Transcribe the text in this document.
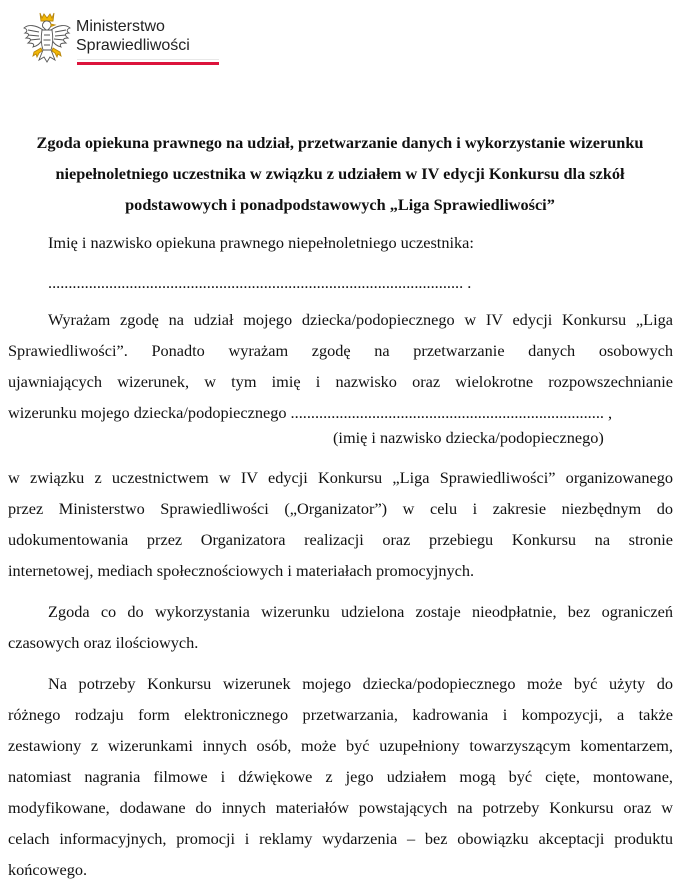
Ministerstwo
Sprawiedliwości
Zgoda opiekuna prawnego na udział, przetwarzanie danych i wykorzystanie wizerunku
niepełnoletniego uczestnika w związku z udziałem w IV edycji Konkursu dla szkół
podstawowych i ponadpodstawowych „Liga Sprawiedliwości”
Imię i nazwisko opiekuna prawnego niepełnoletniego uczestnika:
...................................................................................................... .
Wyrażam zgodę na udział mojego dziecka/podopiecznego w IV edycji Konkursu „Liga
Sprawiedliwości”. Ponadto wyrażam zgodę na przetwarzanie danych osobowych
ujawniających wizerunek, w tym imię i nazwisko oraz wielokrotne rozpowszechnianie
wizerunku mojego dziecka/podopiecznego ............................................................................. ,
(imię i nazwisko dziecka/podopiecznego)
w związku z uczestnictwem w IV edycji Konkursu „Liga Sprawiedliwości” organizowanego
przez Ministerstwo Sprawiedliwości („Organizator”) w celu i zakresie niezbędnym do
udokumentowania przez Organizatora realizacji oraz przebiegu Konkursu na stronie
internetowej, mediach społecznościowych i materiałach promocyjnych.
Zgoda co do wykorzystania wizerunku udzielona zostaje nieodpłatnie, bez ograniczeń
czasowych oraz ilościowych.
Na potrzeby Konkursu wizerunek mojego dziecka/podopiecznego może być użyty do
różnego rodzaju form elektronicznego przetwarzania, kadrowania i kompozycji, a także
zestawiony z wizerunkami innych osób, może być uzupełniony towarzyszącym komentarzem,
natomiast nagrania filmowe i dźwiękowe z jego udziałem mogą być cięte, montowane,
modyfikowane, dodawane do innych materiałów powstających na potrzeby Konkursu oraz w
celach informacyjnych, promocji i reklamy wydarzenia – bez obowiązku akceptacji produktu
końcowego.
